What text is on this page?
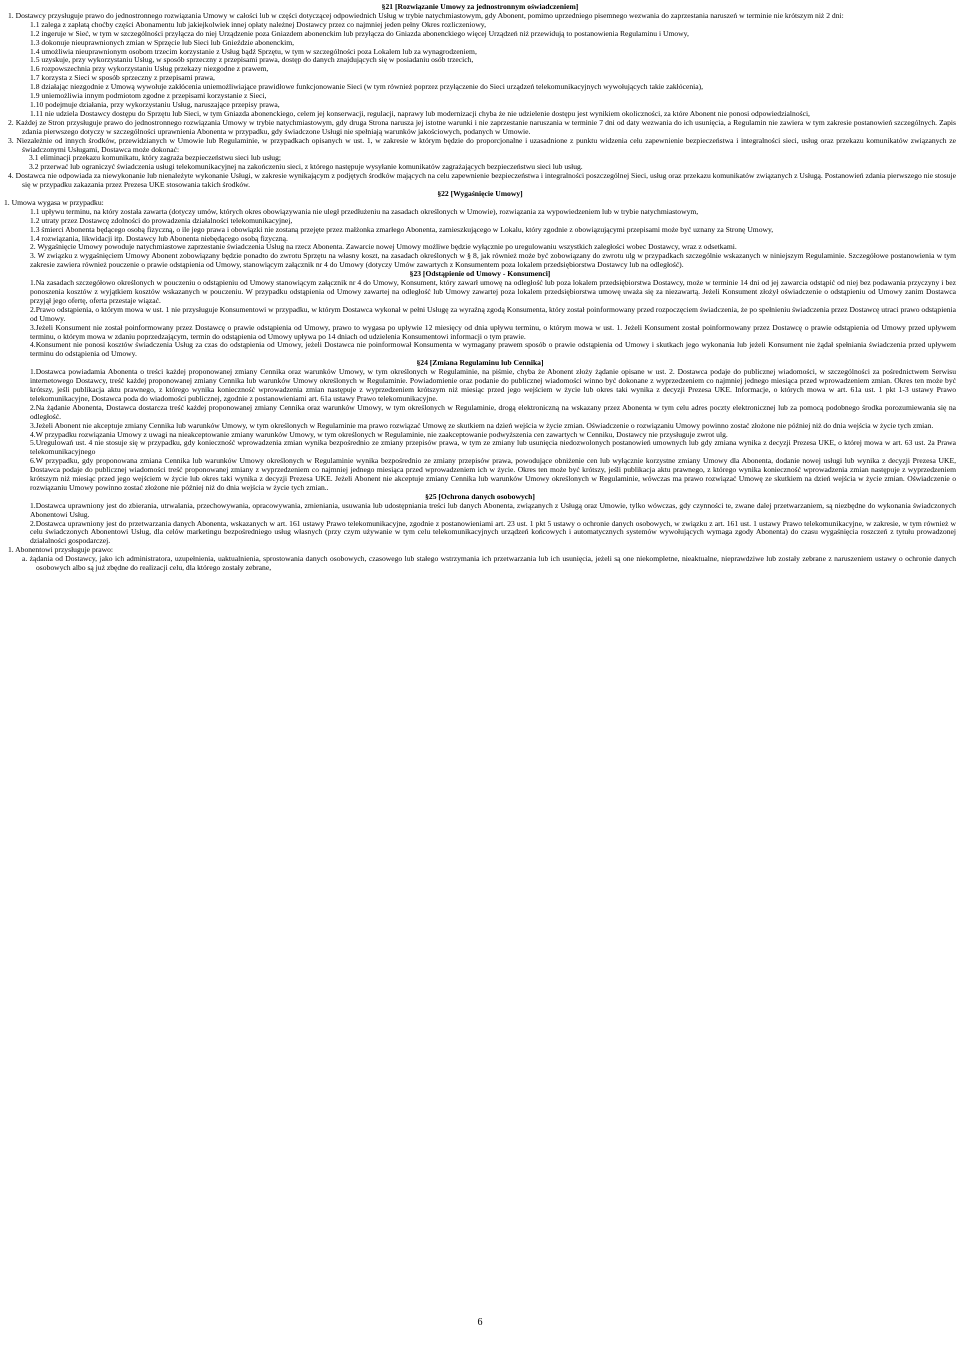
§21 [Rozwiązanie Umowy za jednostronnym oświadczeniem]

1. Dostawcy przysługuje prawo do jednostronnego rozwiązania Umowy w całości lub w części dotyczącej odpowiednich Usług w trybie natychmiastowym, gdy Abonent, pomimo uprzedniego pisemnego wezwania do zaprzestania naruszeń w terminie nie krótszym niż 2 dni:

1.1 zalega z zapłatą choćby części Abonamentu lub jakiejkolwiek innej opłaty należnej Dostawcy przez co najmniej jeden pełny Okres rozliczeniowy,

1.2 ingeruje w Sieć, w tym w szczególności przyłącza do niej Urządzenie poza Gniazdem abonenckim lub przyłącza do Gniazda abonenckiego więcej Urządzeń niż przewidują to postanowienia Regulaminu i Umowy,

1.3 dokonuje nieuprawnionych zmian w Sprzęcie lub Sieci lub Gnieździe abonenckim,

1.4 umożliwia nieuprawnionym osobom trzecim korzystanie z Usług bądź Sprzętu, w tym w szczególności poza Lokalem lub za wynagrodzeniem,

1.5 uzyskuje, przy wykorzystaniu Usług, w sposób sprzeczny z przepisami prawa, dostęp do danych znajdujących się w posiadaniu osób trzecich,

1.6 rozpowszechnia przy wykorzystaniu Usług przekazy niezgodne z prawem,

1.7 korzysta z Sieci w sposób sprzeczny z przepisami prawa,

1.8 działając niezgodnie z Umową wywołuje zakłócenia uniemożliwiające prawidłowe funkcjonowanie Sieci (w tym również poprzez przyłączenie do Sieci urządzeń telekomunikacyjnych wywołujących takie zakłócenia),

1.9 uniemożliwia innym podmiotom zgodne z przepisami korzystanie z Sieci,

1.10 podejmuje działania, przy wykorzystaniu Usług, naruszające przepisy prawa,

1.11 nie udziela Dostawcy dostępu do Sprzętu lub Sieci, w tym Gniazda abonenckiego, celem jej konserwacji, regulacji, naprawy lub modernizacji chyba że nie udzielenie dostępu jest wynikiem okoliczności, za które Abonent nie ponosi odpowiedzialności,

2. Każdej ze Stron przysługuje prawo do jednostronnego rozwiązania Umowy w trybie natychmiastowym, gdy druga Strona narusza jej istotne warunki i nie zaprzestanie naruszania w terminie 7 dni od daty wezwania do ich usunięcia, a Regulamin nie zawiera w tym zakresie postanowień szczególnych. Zapis zdania pierwszego dotyczy w szczególności uprawnienia Abonenta w przypadku, gdy świadczone Usługi nie spełniają warunków jakościowych, podanych w Umowie.

3. Niezależnie od innych środków, przewidzianych w Umowie lub Regulaminie, w przypadkach opisanych w ust. 1, w zakresie w którym będzie do proporcjonalne i uzasadnione z punktu widzenia celu zapewnienie bezpieczeństwa i integralności sieci, usług oraz przekazu komunikatów związanych ze świadczonymi Usługami, Dostawca może dokonać:

3.1 eliminacji przekazu komunikatu, który zagraża bezpieczeństwu sieci lub usług;

3.2 przerwać lub ograniczyć świadczenia usługi telekomunikacyjnej na zakończeniu sieci, z którego następuje wysyłanie komunikatów zagrażających bezpieczeństwu sieci lub usług.

4. Dostawca nie odpowiada za niewykonanie lub nienależyte wykonanie Usługi, w zakresie wynikającym z podjętych środków mających na celu zapewnienie bezpieczeństwa i integralności poszczególnej Sieci, usług oraz przekazu komunikatów związanych z Usługą. Postanowień zdania pierwszego nie stosuje się w przypadku zakazania przez Prezesa UKE stosowania takich środków.

§22 [Wygaśnięcie Umowy]

1. Umowa wygasa w przypadku:

1.1 upływu terminu, na który została zawarta (dotyczy umów, których okres obowiązywania nie uległ przedłużeniu na zasadach określonych w Umowie), rozwiązania za wypowiedzeniem lub w trybie natychmiastowym,

1.2 utraty przez Dostawcę zdolności do prowadzenia działalności telekomunikacyjnej,

1.3 śmierci Abonenta będącego osobą fizyczną, o ile jego prawa i obowiązki nie zostaną przejęte przez małżonka zmarłego Abonenta, zamieszkującego w Lokalu, który zgodnie z obowiązującymi przepisami może być uznany za Stronę Umowy,

1.4 rozwiązania, likwidacji itp. Dostawcy lub Abonenta niebędącego osobą fizyczną.

2. Wygaśnięcie Umowy powoduje natychmiastowe zaprzestanie świadczenia Usług na rzecz Abonenta. Zawarcie nowej Umowy możliwe będzie wyłącznie po uregulowaniu wszystkich zaległości wobec Dostawcy, wraz z odsetkami.

3. W związku z wygaśnięciem Umowy Abonent zobowiązany będzie ponadto do zwrotu Sprzętu na własny koszt, na zasadach określonych w § 8, jak również może być zobowiązany do zwrotu ulg w przypadkach szczególnie wskazanych w niniejszym Regulaminie. Szczegółowe postanowienia w tym zakresie zawiera również pouczenie o prawie odstąpienia od Umowy, stanowiącym załącznik nr 4 do Umowy (dotyczy Umów zawartych z Konsumentem poza lokalem przedsiębiorstwa Dostawcy lub na odległość).

§23 [Odstąpienie od Umowy - Konsumenci]

1.Na zasadach szczegółowo określonych w pouczeniu o odstąpieniu od Umowy stanowiącym załącznik nr 4 do Umowy, Konsument, który zawarł umowę na odległość lub poza lokalem przedsiębiorstwa Dostawcy, może w terminie 14 dni od jej zawarcia odstąpić od niej bez podawania przyczyny i bez ponoszenia kosztów z wyjątkiem kosztów wskazanych w pouczeniu. W przypadku odstąpienia od Umowy zawartej na odległość lub Umowy zawartej poza lokalem przedsiębiorstwa umowę uważa się za niezawartą. Jeżeli Konsument złożył oświadczenie o odstąpieniu od Umowy zanim Dostawca przyjął jego ofertę, oferta przestaje wiązać.

2.Prawo odstąpienia, o którym mowa w ust. 1 nie przysługuje Konsumentowi w przypadku, w którym Dostawca wykonał w pełni Usługę za wyraźną zgodą Konsumenta, który został poinformowany przed rozpoczęciem świadczenia, że po spełnieniu świadczenia przez Dostawcę utraci prawo odstąpienia od Umowy.

3.Jeżeli Konsument nie został poinformowany przez Dostawcę o prawie odstąpienia od Umowy, prawo to wygasa po upływie 12 miesięcy od dnia upływu terminu, o którym mowa w ust. 1. Jeżeli Konsument został poinformowany przez Dostawcę o prawie odstąpienia od Umowy przed upływem terminu, o którym mowa w zdaniu poprzedzającym, termin do odstąpienia od Umowy upływa po 14 dniach od udzielenia Konsumentowi informacji o tym prawie.

4.Konsument nie ponosi kosztów świadczenia Usług za czas do odstąpienia od Umowy, jeżeli Dostawca nie poinformował Konsumenta w wymagany prawem sposób o prawie odstąpienia od Umowy i skutkach jego wykonania lub jeżeli Konsument nie żądał spełniania świadczenia przed upływem terminu do odstąpienia od Umowy.

§24 [Zmiana Regulaminu lub Cennika]

1.Dostawca powiadamia Abonenta o treści każdej proponowanej zmiany Cennika oraz warunków Umowy, w tym określonych w Regulaminie, na piśmie, chyba że Abonent złoży żądanie opisane w ust. 2. Dostawca podaje do publicznej wiadomości, w szczególności za pośrednictwem Serwisu internetowego Dostawcy, treść każdej proponowanej zmiany Cennika lub warunków Umowy określonych w Regulaminie. Powiadomienie oraz podanie do publicznej wiadomości winno być dokonane z wyprzedzeniem co najmniej jednego miesiąca przed wprowadzeniem zmian. Okres ten może być krótszy, jeśli publikacja aktu prawnego, z którego wynika konieczność wprowadzenia zmian następuje z wyprzedzeniem krótszym niż miesiąc przed jego wejściem w życie lub okres taki wynika z decyzji Prezesa UKE. Informacje, o których mowa w art. 61a ust. 1 pkt 1-3 ustawy Prawo telekomunikacyjne, Dostawca poda do wiadomości publicznej, zgodnie z postanowieniami art. 61a ustawy Prawo telekomunikacyjne.

2.Na żądanie Abonenta, Dostawca dostarcza treść każdej proponowanej zmiany Cennika oraz warunków Umowy, w tym określonych w Regulaminie, drogą elektroniczną na wskazany przez Abonenta w tym celu adres poczty elektronicznej lub za pomocą podobnego środka porozumiewania się na odległość.

3.Jeżeli Abonent nie akceptuje zmiany Cennika lub warunków Umowy, w tym określonych w Regulaminie ma prawo rozwiązać Umowę ze skutkiem na dzień wejścia w życie zmian. Oświadczenie o rozwiązaniu Umowy powinno zostać złożone nie później niż do dnia wejścia w życie tych zmian.

4.W przypadku rozwiązania Umowy z uwagi na nieakceptowanie zmiany warunków Umowy, w tym określonych w Regulaminie, nie zaakceptowanie podwyższenia cen zawartych w Cenniku, Dostawcy nie przysługuje zwrot ulg.

5.Uregulowań ust. 4 nie stosuje się w przypadku, gdy konieczność wprowadzenia zmian wynika bezpośrednio ze zmiany przepisów prawa, w tym ze zmiany lub usunięcia niedozwolonych postanowień umownych lub gdy zmiana wynika z decyzji Prezesa UKE, o której mowa w art. 63 ust. 2a Prawa telekomunikacyjnego

6.W przypadku, gdy proponowana zmiana Cennika lub warunków Umowy określonych w Regulaminie wynika bezpośrednio ze zmiany przepisów prawa, powodujące obniżenie cen lub wyłącznie korzystne zmiany Umowy dla Abonenta, dodanie nowej usługi lub wynika z decyzji Prezesa UKE, Dostawca podaje do publicznej wiadomości treść proponowanej zmiany z wyprzedzeniem co najmniej jednego miesiąca przed wprowadzeniem ich w życie. Okres ten może być krótszy, jeśli publikacja aktu prawnego, z którego wynika konieczność wprowadzenia zmian następuje z wyprzedzeniem krótszym niż miesiąc przed jego wejściem w życie lub okres taki wynika z decyzji Prezesa UKE. Jeżeli Abonent nie akceptuje zmiany Cennika lub warunków Umowy określonych w Regulaminie, wówczas ma prawo rozwiązać Umowę ze skutkiem na dzień wejścia w życie zmian. Oświadczenie o rozwiązaniu Umowy powinno zostać złożone nie później niż do dnia wejścia w życie tych zmian..

§25 [Ochrona danych osobowych]

1.Dostawca uprawniony jest do zbierania, utrwalania, przechowywania, opracowywania, zmieniania, usuwania lub udostępniania treści lub danych Abonenta, związanych z Usługą oraz Umowie, tylko wówczas, gdy czynności te, zwane dalej przetwarzaniem, są niezbędne do wykonania świadczonych Abonentowi Usług.

2.Dostawca uprawniony jest do przetwarzania danych Abonenta, wskazanych w art. 161 ustawy Prawo telekomunikacyjne, zgodnie z postanowieniami art. 23 ust. 1 pkt 5 ustawy o ochronie danych osobowych, w związku z art. 161 ust. 1 ustawy Prawo telekomunikacyjne, w zakresie, w tym również w celu świadczonych Abonentowi Usług, dla celów marketingu bezpośredniego usług własnych (przy czym używanie w tym celu telekomunikacyjnych urządzeń końcowych i automatycznych systemów wywołujących wymaga zgody Abonenta) do czasu wygaśnięcia roszczeń z tytułu prowadzonej działalności gospodarczej.

1. Abonentowi przysługuje prawo:

a. żądania od Dostawcy, jako ich administratora, uzupełnienia, uaktualnienia, sprostowania danych osobowych, czasowego lub stałego wstrzymania ich przetwarzania lub ich usunięcia, jeżeli są one niekompletne, nieaktualne, nieprawdziwe lub zostały zebrane z naruszeniem ustawy o ochronie danych osobowych albo są już zbędne do realizacji celu, dla którego zostały zebrane,

6
